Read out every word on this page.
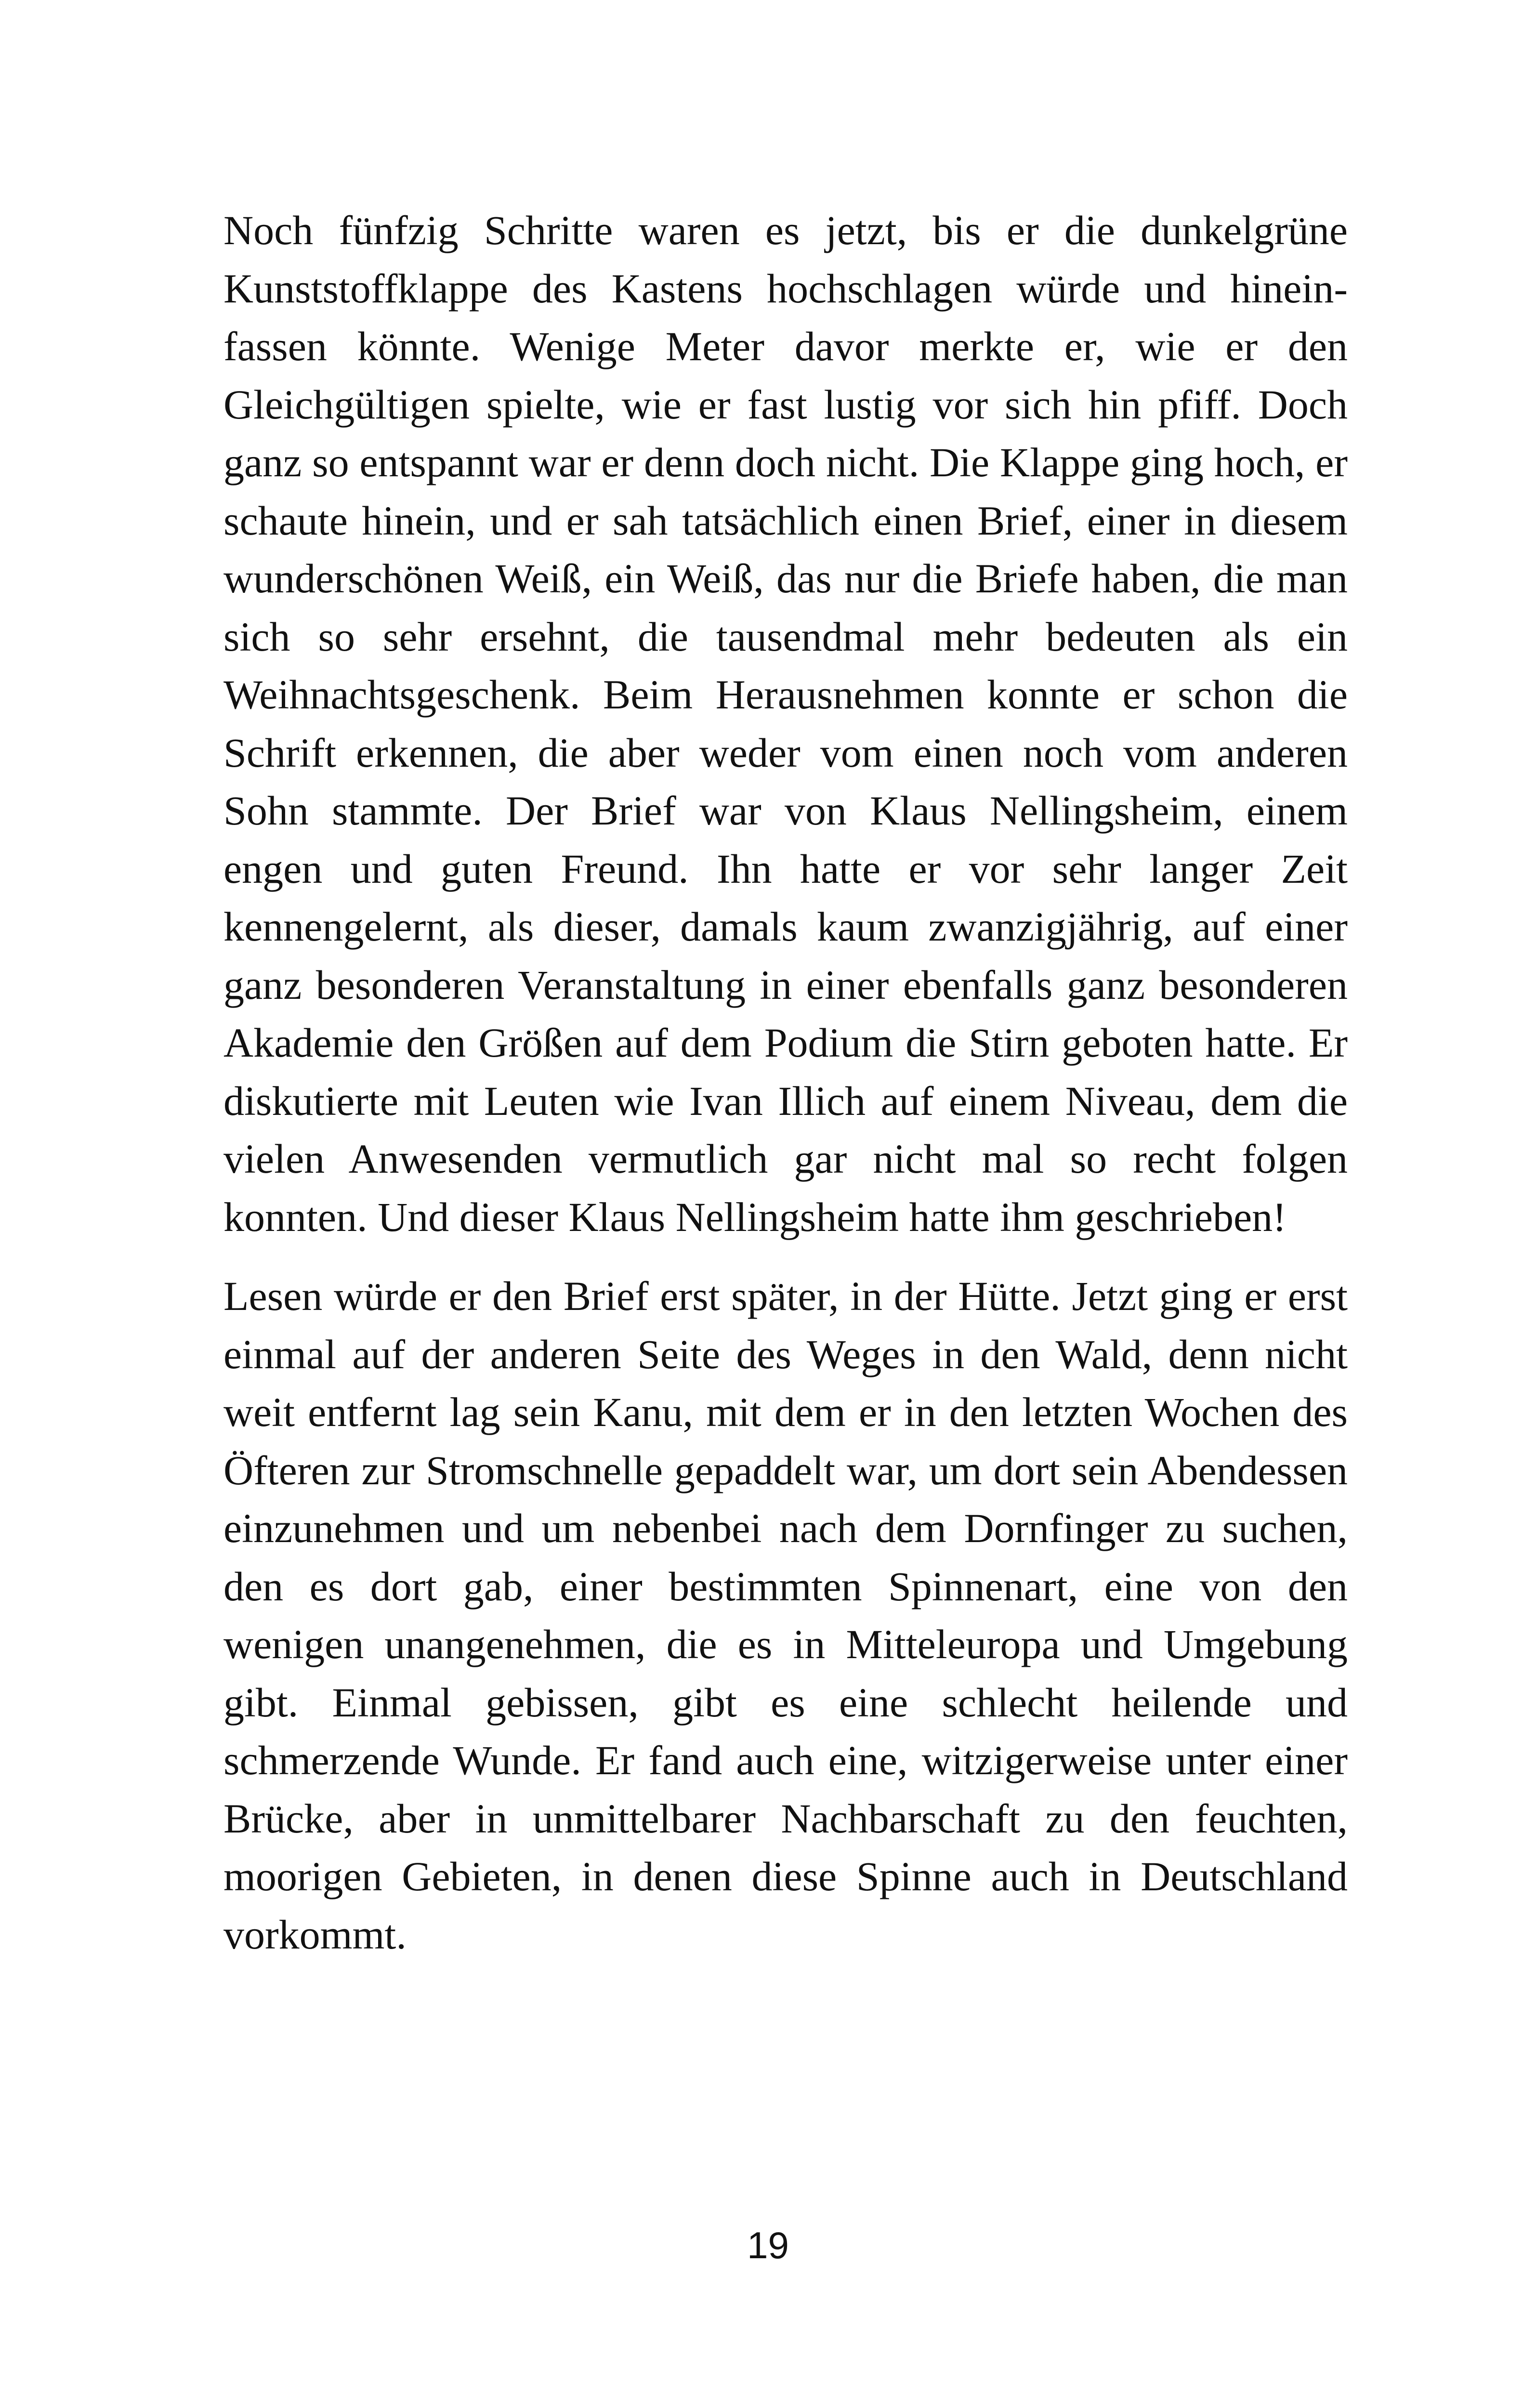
Noch fünfzig Schritte waren es jetzt, bis er die dunkelgrüne Kunststoffklappe des Kastens hochschlagen würde und hineinfassen könnte. Wenige Meter davor merkte er, wie er den Gleichgültigen spielte, wie er fast lustig vor sich hin pfiff. Doch ganz so entspannt war er denn doch nicht. Die Klappe ging hoch, er schaute hinein, und er sah tatsächlich einen Brief, einer in diesem wunderschönen Weiß, ein Weiß, das nur die Briefe haben, die man sich so sehr ersehnt, die tausendmal mehr bedeuten als ein Weihnachtsgeschenk. Beim Herausnehmen konnte er schon die Schrift erkennen, die aber weder vom einen noch vom anderen Sohn stammte. Der Brief war von Klaus Nellingsheim, einem engen und guten Freund. Ihn hatte er vor sehr langer Zeit kennengelernt, als dieser, damals kaum zwanzigjährig, auf einer ganz besonderen Veranstaltung in einer ebenfalls ganz besonderen Akademie den Größen auf dem Podium die Stirn geboten hatte. Er diskutierte mit Leuten wie Ivan Illich auf einem Niveau, dem die vielen Anwesenden vermutlich gar nicht mal so recht folgen konnten. Und dieser Klaus Nellingsheim hatte ihm geschrieben!

Lesen würde er den Brief erst später, in der Hütte. Jetzt ging er erst einmal auf der anderen Seite des Weges in den Wald, denn nicht weit entfernt lag sein Kanu, mit dem er in den letzten Wochen des Öfteren zur Stromschnelle gepaddelt war, um dort sein Abendessen einzunehmen und um nebenbei nach dem Dornfinger zu suchen, den es dort gab, einer bestimmten Spinnenart, eine von den wenigen unangenehmen, die es in Mitteleuropa und Umgebung gibt. Einmal gebissen, gibt es eine schlecht heilende und schmerzende Wunde. Er fand auch eine, witzigerweise unter einer Brücke, aber in unmittelbarer Nachbarschaft zu den feuchten, moorigen Gebieten, in denen diese Spinne auch in Deutschland vorkommt.

19
